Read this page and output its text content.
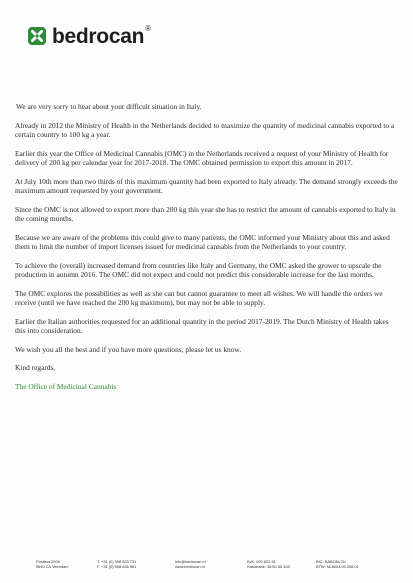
bedrocan ®

We are very sorry to hear about your difficult situation in Italy.

Already in 2012 the Ministry of Health in the Netherlands decided to maximize the quantity of medicinal cannabis exported to a certain country to 100 kg a year.

Earlier this year the Office of Medicinal Cannabis (OMC) in the Netherlands received a request of your Ministry of Health for delivery of 200 kg per calendar year for 2017-2018. The OMC obtained permission to export this amount in 2017.

At July 10th more than two thirds of this maximum quantity had been exported to Italy already. The demand strongly exceeds the maximum amount requested by your government.

Since the OMC is not allowed to export more than 200 kg this year she has to restrict the amount of cannabis exported to Italy in the coming months.

Because we are aware of the problems this could give to many patients, the OMC informed your Ministry about this and asked them to limit the number of import licenses issued for medicinal cannabis from the Netherlands to your country.

To achieve the (overall) increased demand from countries like Italy and Germany, the OMC asked the grower to upscale the production in autumn 2016. The OMC did not expect and could not predict this considerable increase for the last months.

The OMC explores the possibilities as well as she can but cannot guarantee to meet all wishes. We will handle the orders we receive (until we have reached the 200 kg maximum), but may not be able to supply.

Earlier the Italian authorities requested for an additional quantity in the period 2017-2019. The Dutch Ministry of Health takes this into consideration.

We wish you all the best and if you have more questions, please let us know.

Kind regards,

The Office of Medicinal Cannabis

Postbus 2009
9640 CA Veendam
T. +31 (0) 598 623 731
F. +31 (0) 598 635 981
info@bedrocan.nl
www.bedrocan.nl
KvK: 020 622 51
Rabobank: 36.50.55.108
BIC: RABONL2U
BTW: NL8004.00.258.01
